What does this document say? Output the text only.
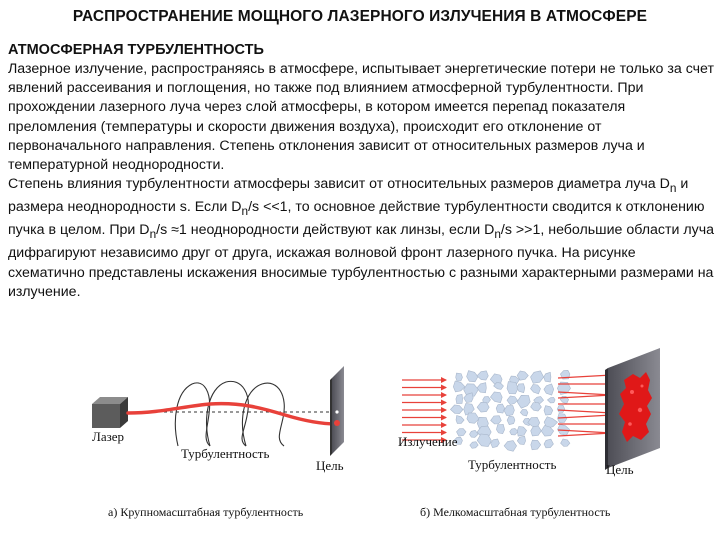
РАСПРОСТРАНЕНИЕ МОЩНОГО ЛАЗЕРНОГО ИЗЛУЧЕНИЯ В АТМОСФЕРЕ
АТМОСФЕРНАЯ ТУРБУЛЕНТНОСТЬ

Лазерное излучение, распространяясь в атмосфере, испытывает энергетические потери не только за счет явлений рассеивания и поглощения, но также под влиянием атмосферной турбулентности. При прохождении лазерного луча через слой атмосферы, в котором имеется перепад показателя преломления (температуры и скорости движения воздуха), происходит его отклонение от первоначального направления. Степень отклонения зависит от относительных размеров луча и температурной неоднородности.

Степень влияния турбулентности атмосферы зависит от относительных размеров диаметра луча $D_n$ и размера неоднородности s. Если $D_n/s <<1$, то основное действие турбулентности сводится к отклонению пучка в целом. При $D_n/s \approx 1$ неоднородности действуют как линзы, если $D_n/s >>1$, небольшие области луча дифрагируют независимо друг от друга, искажая волновой фронт лазерного пучка. На рисунке схематично представлены искажения вносимые турбулентностью с разными характерными размерами на излучение.

Лазер
Турбулентность
Цель
а) Крупномасштабная турбулентность
Излучение
Турбулентность	Цель
б) Мелкомасштабная турбулентность
